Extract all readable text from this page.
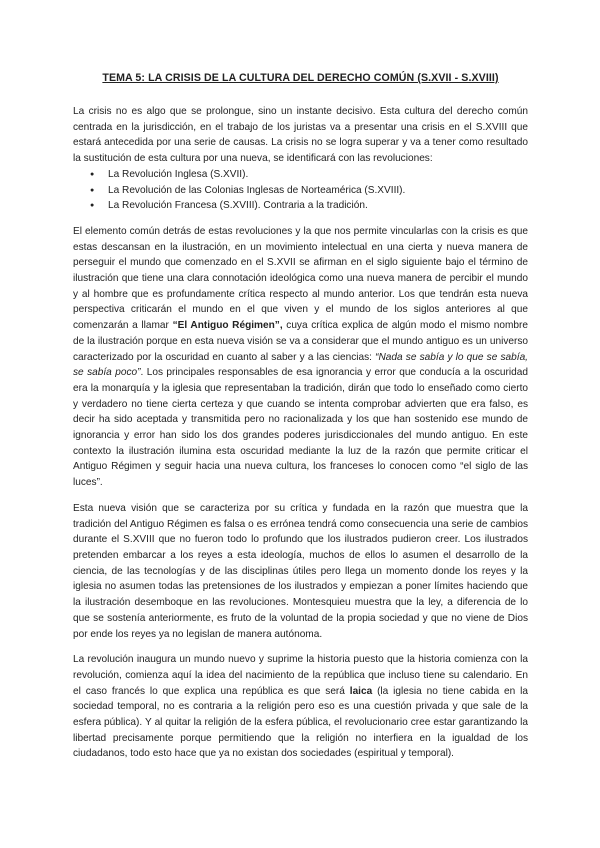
TEMA 5: LA CRISIS DE LA CULTURA DEL DERECHO COMÚN (S.XVII - S.XVIII)

La crisis no es algo que se prolongue, sino un instante decisivo. Esta cultura del derecho común centrada en la jurisdicción, en el trabajo de los juristas va a presentar una crisis en el S.XVIII que estará antecedida por una serie de causas. La crisis no se logra superar y va a tener como resultado la sustitución de esta cultura por una nueva, se identificará con las revoluciones:

● La Revolución Inglesa (S.XVII).
● La Revolución de las Colonias Inglesas de Norteamérica (S.XVIII).
● La Revolución Francesa (S.XVIII). Contraria a la tradición.

El elemento común detrás de estas revoluciones y la que nos permite vincularlas con la crisis es que estas descansan en la ilustración, en un movimiento intelectual en una cierta y nueva manera de perseguir el mundo que comenzado en el S.XVII se afirman en el siglo siguiente bajo el término de ilustración que tiene una clara connotación ideológica como una nueva manera de percibir el mundo y al hombre que es profundamente crítica respecto al mundo anterior. Los que tendrán esta nueva perspectiva criticarán el mundo en el que viven y el mundo de los siglos anteriores al que comenzarán a llamar “El Antiguo Régimen”, cuya crítica explica de algún modo el mismo nombre de la ilustración porque en esta nueva visión se va a considerar que el mundo antiguo es un universo caracterizado por la oscuridad en cuanto al saber y a las ciencias: “Nada se sabía y lo que se sabía, se sabía poco”. Los principales responsables de esa ignorancia y error que conducía a la oscuridad era la monarquía y la iglesia que representaban la tradición, dirán que todo lo enseñado como cierto y verdadero no tiene cierta certeza y que cuando se intenta comprobar advierten que era falso, es decir ha sido aceptada y transmitida pero no racionalizada y los que han sostenido ese mundo de ignorancia y error han sido los dos grandes poderes jurisdiccionales del mundo antiguo. En este contexto la ilustración ilumina esta oscuridad mediante la luz de la razón que permite criticar el Antiguo Régimen y seguir hacia una nueva cultura, los franceses lo conocen como “el siglo de las luces”.

Esta nueva visión que se caracteriza por su crítica y fundada en la razón que muestra que la tradición del Antiguo Régimen es falsa o es errónea tendrá como consecuencia una serie de cambios durante el S.XVIII que no fueron todo lo profundo que los ilustrados pudieron creer. Los ilustrados pretenden embarcar a los reyes a esta ideología, muchos de ellos lo asumen el desarrollo de la ciencia, de las tecnologías y de las disciplinas útiles pero llega un momento donde los reyes y la iglesia no asumen todas las pretensiones de los ilustrados y empiezan a poner límites haciendo que la ilustración desemboque en las revoluciones. Montesquieu muestra que la ley, a diferencia de lo que se sostenía anteriormente, es fruto de la voluntad de la propia sociedad y que no viene de Dios por ende los reyes ya no legislan de manera autónoma.

La revolución inaugura un mundo nuevo y suprime la historia puesto que la historia comienza con la revolución, comienza aquí la idea del nacimiento de la república que incluso tiene su calendario. En el caso francés lo que explica una república es que será laica (la iglesia no tiene cabida en la sociedad temporal, no es contraria a la religión pero eso es una cuestión privada y que sale de la esfera pública). Y al quitar la religión de la esfera pública, el revolucionario cree estar garantizando la libertad precisamente porque permitiendo que la religión no interfiera en la igualdad de los ciudadanos, todo esto hace que ya no existan dos sociedades (espiritual y temporal).
